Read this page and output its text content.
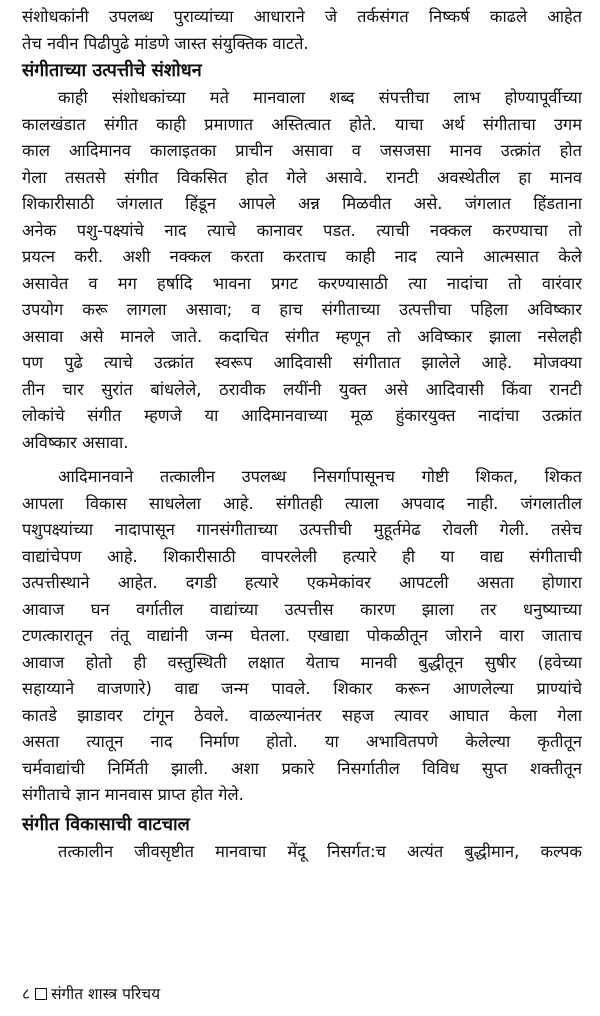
संशोधकांनी उपलब्ध पुराव्यांच्या आधाराने जे तर्कसंगत निष्कर्ष काढले आहेत
तेच नवीन पिढीपुढे मांडणे जास्त संयुक्तिक वाटते.
संगीताच्या उत्पत्तीचे संशोधन
काही संशोधकांच्या मते मानवाला शब्द संपत्तीचा लाभ होण्यापूर्वीच्या
कालखंडात संगीत काही प्रमाणात अस्तित्वात होते. याचा अर्थ संगीताचा उगम
काल आदिमानव कालाइतका प्राचीन असावा व जसजसा मानव उत्क्रांत होत
गेला तसतसे संगीत विकसित होत गेले असावे. रानटी अवस्थेतील हा मानव
शिकारीसाठी जंगलात हिंडून आपले अन्न मिळवीत असे. जंगलात हिंडताना
अनेक पशु-पक्ष्यांचे नाद त्याचे कानावर पडत. त्याची नक्कल करण्याचा तो
प्रयत्न करी. अशी नक्कल करता करताच काही नाद त्याने आत्मसात केले
असावेत व मग हर्षादि भावना प्रगट करण्यासाठी त्या नादांचा तो वारंवार
उपयोग करू लागला असावा; व हाच संगीताच्या उत्पत्तीचा पहिला अविष्कार
असावा असे मानले जाते. कदाचित संगीत म्हणून तो अविष्कार झाला नसेलही
पण पुढे त्याचे उत्क्रांत स्वरूप आदिवासी संगीतात झालेले आहे. मोजक्या
तीन चार सुरांत बांधलेले, ठरावीक लयींनी युक्त असे आदिवासी किंवा रानटी
लोकांचे संगीत म्हणजे या आदिमानवाच्या मूळ हुंकारयुक्त नादांचा उत्क्रांत
अविष्कार असावा.
आदिमानवाने तत्कालीन उपलब्ध निसर्गापासूनच गोष्टी शिकत, शिकत
आपला विकास साधलेला आहे. संगीतही त्याला अपवाद नाही. जंगलातील
पशुपक्ष्यांच्या नादापासून गानसंगीताच्या उत्पत्तीची मुहूर्तमेढ रोवली गेली. तसेच
वाद्यांचेपण आहे. शिकारीसाठी वापरलेली हत्यारे ही या वाद्य संगीताची
उत्पत्तीस्थाने आहेत. दगडी हत्यारे एकमेकांवर आपटली असता होणारा
आवाज घन वर्गातील वाद्यांच्या उत्पत्तीस कारण झाला तर धनुष्याच्या
टणत्कारातून तंतू वाद्यांनी जन्म घेतला. एखाद्या पोकळीतून जोराने वारा जाताच
आवाज होतो ही वस्तुस्थिती लक्षात येताच मानवी बुद्धीतून सुषीर (हवेच्या
सहाय्याने वाजणारे) वाद्य जन्म पावले. शिकार करून आणलेल्या प्राण्यांचे
कातडे झाडावर टांगून ठेवले. वाळल्यानंतर सहज त्यावर आघात केला गेला
असता त्यातून नाद निर्माण होतो. या अभावितपणे केलेल्या कृतीतून
चर्मवाद्यांची निर्मिती झाली. अशा प्रकारे निसर्गातील विविध सुप्त शक्तीतून
संगीताचे ज्ञान मानवास प्राप्त होत गेले.
संगीत विकासाची वाटचाल
तत्कालीन जीवसृष्टीत मानवाचा मेंदू निसर्गत:च अत्यंत बुद्धीमान, कल्पक
८ संगीत शास्त्र परिचय
